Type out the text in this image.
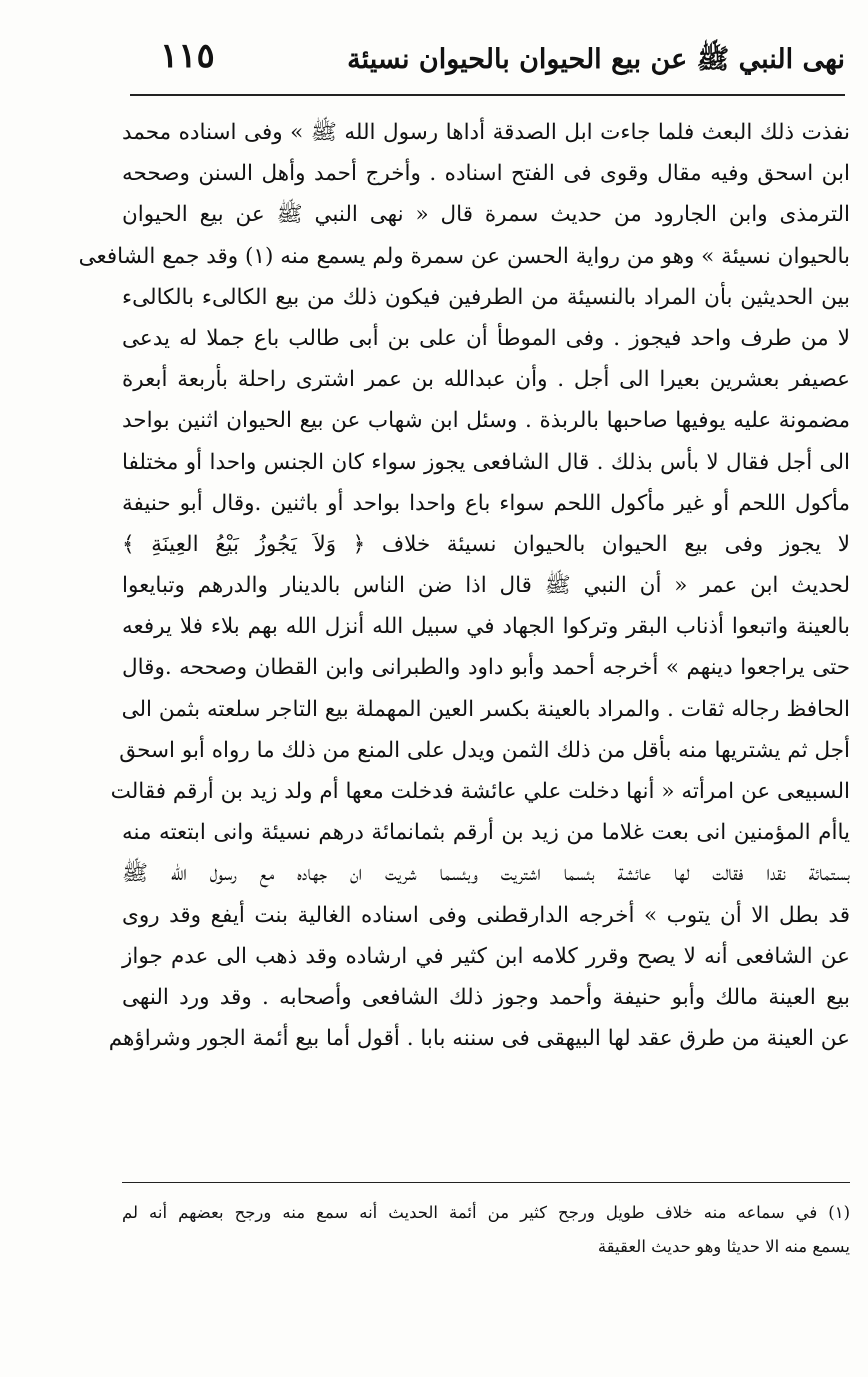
نهى النبي ﷺ عن بيع الحيوان بالحيوان نسيئة
١١٥
نفذت ذلك البعث فلما جاءت ابل الصدقة أداها رسول الله ﷺ » وفى اسناده محمد
ابن اسحق وفيه مقال وقوى فى الفتح اسناده . وأخرج أحمد وأهل السنن وصححه
الترمذى وابن الجارود من حديث سمرة قال « نهى النبي ﷺ عن بيع الحيوان
بالحيوان نسيئة » وهو من رواية الحسن عن سمرة ولم يسمع منه (١) وقد جمع الشافعى
بين الحديثين بأن المراد بالنسيئة من الطرفين فيكون ذلك من بيع الكالىء بالكالىء
لا من طرف واحد فيجوز . وفى الموطأ أن على بن أبى طالب باع جملا له يدعى
عصيفر بعشرين بعيرا الى أجل . وأن عبدالله بن عمر اشترى راحلة بأربعة أبعرة
مضمونة عليه يوفيها صاحبها بالربذة . وسئل ابن شهاب عن بيع الحيوان اثنين بواحد
الى أجل فقال لا بأس بذلك . قال الشافعى يجوز سواء كان الجنس واحدا أو مختلفا
مأكول اللحم أو غير مأكول اللحم سواء باع واحدا بواحد أو باثنين .وقال أبو حنيفة
لا يجوز وفى بيع الحيوان بالحيوان نسيئة خلاف ﴿ وَلاَ يَجُوزُ بَيْعُ العِينَةِ ﴾
لحديث ابن عمر « أن النبي ﷺ قال اذا ضن الناس بالدينار والدرهم وتبايعوا
بالعينة واتبعوا أذناب البقر وتركوا الجهاد في سبيل الله أنزل الله بهم بلاء فلا يرفعه
حتى يراجعوا دينهم » أخرجه أحمد وأبو داود والطبرانى وابن القطان وصححه .وقال
الحافظ رجاله ثقات . والمراد بالعينة بكسر العين المهملة بيع التاجر سلعته بثمن الى
أجل ثم يشتريها منه بأقل من ذلك الثمن ويدل على المنع من ذلك ما رواه أبو اسحق
السبيعى عن امرأته « أنها دخلت علي عائشة فدخلت معها أم ولد زيد بن أرقم فقالت
ياأم المؤمنين انى بعت غلاما من زيد بن أرقم بثمانمائة درهم نسيئة وانى ابتعته منه
بستمائة نقدا فقالت لها عائشة بئسما اشتريت وبئسما شريت ان جهاده مع رسول الله ﷺ
قد بطل الا أن يتوب » أخرجه الدارقطنى وفى اسناده الغالية بنت أيفع وقد روى
عن الشافعى أنه لا يصح وقرر كلامه ابن كثير في ارشاده وقد ذهب الى عدم جواز
بيع العينة مالك وأبو حنيفة وأحمد وجوز ذلك الشافعى وأصحابه . وقد ورد النهى
عن العينة من طرق عقد لها البيهقى فى سننه بابا . أقول أما بيع أئمة الجور وشراؤهم
(١) في سماعه منه خلاف طويل ورجح كثير من أئمة الحديث أنه سمع منه ورجح بعضهم أنه لم
يسمع منه الا حديثا وهو حديث العقيقة
